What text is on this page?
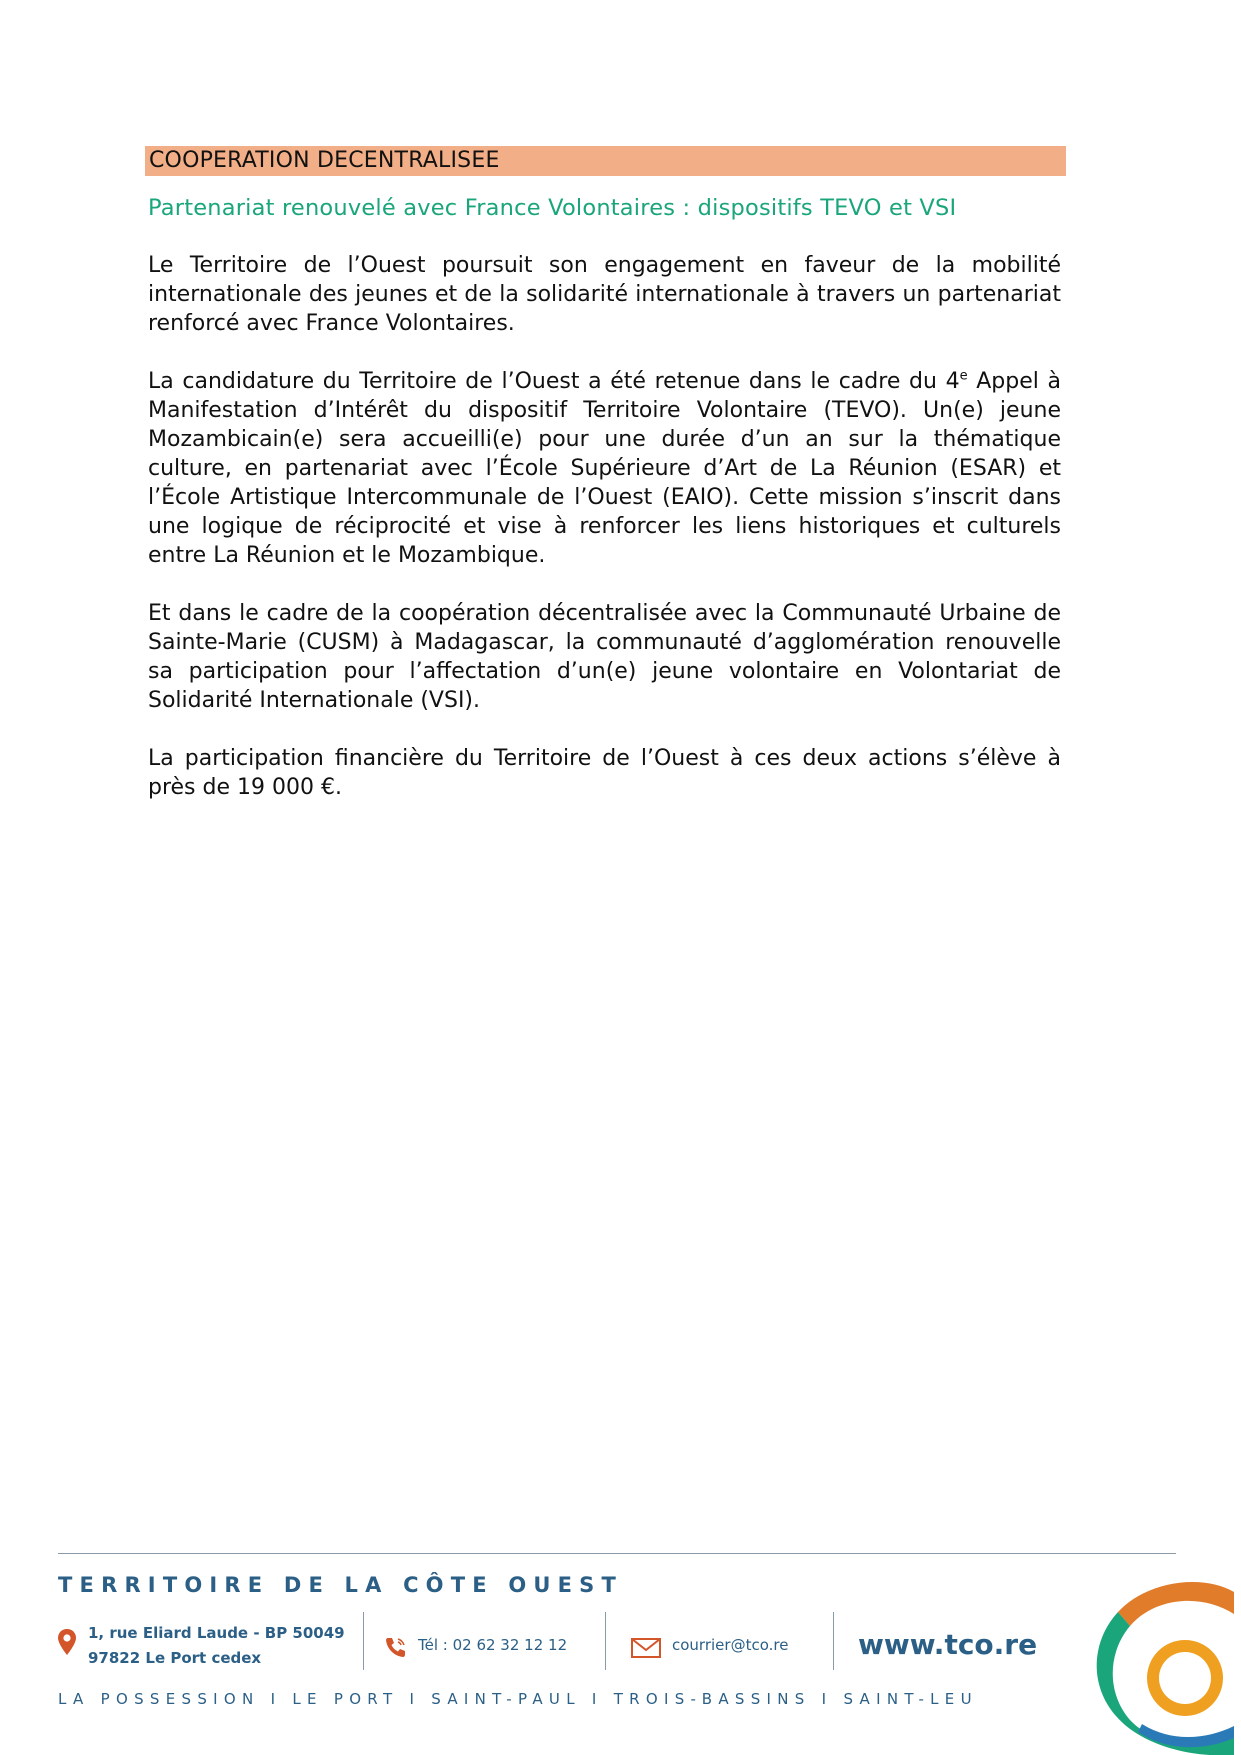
COOPERATION DECENTRALISEE
Partenariat renouvelé avec France Volontaires : dispositifs TEVO et VSI

Le Territoire de l’Ouest poursuit son engagement en faveur de la mobilité internationale des jeunes et de la solidarité internationale à travers un partenariat renforcé avec France Volontaires.

La candidature du Territoire de l’Ouest a été retenue dans le cadre du 4e Appel à Manifestation d’Intérêt du dispositif Territoire Volontaire (TEVO). Un(e) jeune Mozambicain(e) sera accueilli(e) pour une durée d’un an sur la thématique culture, en partenariat avec l’École Supérieure d’Art de La Réunion (ESAR) et l’École Artistique Intercommunale de l’Ouest (EAIO). Cette mission s’inscrit dans une logique de réciprocité et vise à renforcer les liens historiques et culturels entre La Réunion et le Mozambique.

Et dans le cadre de la coopération décentralisée avec la Communauté Urbaine de Sainte-Marie (CUSM) à Madagascar, la communauté d’agglomération renouvelle sa participation pour l’affectation d’un(e) jeune volontaire en Volontariat de Solidarité Internationale (VSI).

La participation financière du Territoire de l’Ouest à ces deux actions s’élève à près de 19 000 €.

TERRITOIRE DE LA CÔTE OUEST
1, rue Eliard Laude - BP 50049
97822 Le Port cedex
Tél : 02 62 32 12 12	courrier@tco.re www.tco.re
LA POSSESSION I LE PORT I SAINT-PAUL I TROIS-BASSINS I SAINT-LEU
